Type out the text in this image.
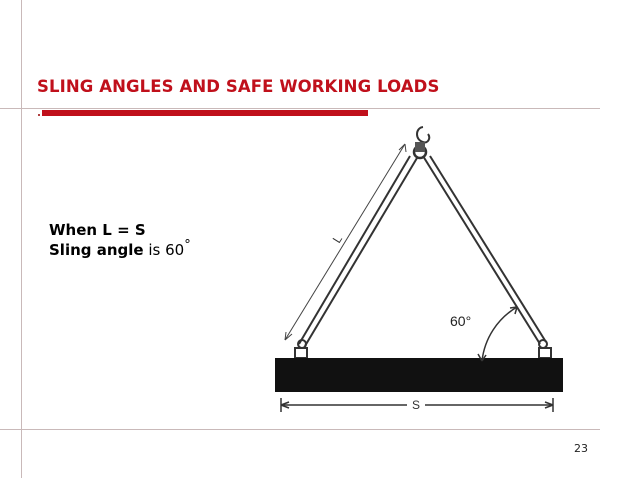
SLING ANGLES AND SAFE WORKING LOADS
When L = S
Sling angle is 60°	L
60°
S
23
